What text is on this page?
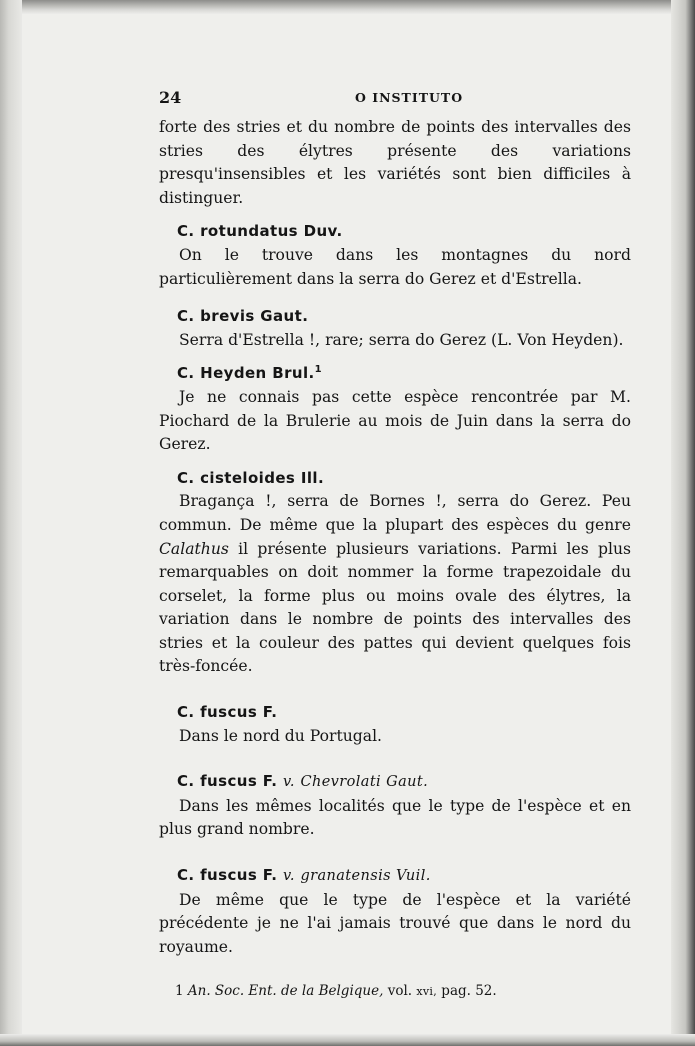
24	O INSTITUTO

forte des stries et du nombre de points des intervalles des stries des élytres présente des variations presqu'insensibles et les variétés sont bien difficiles à distinguer.

C. rotundatus Duv.

On le trouve dans les montagnes du nord particulièrement dans la serra do Gerez et d'Estrella.

C. brevis Gaut.

Serra d'Estrella !, rare; serra do Gerez (L. Von Heyden).

C. Heyden Brul.$^1$

Je ne connais pas cette espèce rencontrée par M. Piochard de la Brulerie au mois de Juin dans la serra do Gerez.

C. cisteloides Ill.

Bragança !, serra de Bornes !, serra do Gerez. Peu commun. De même que la plupart des espèces du genre Calathus il présente plusieurs variations. Parmi les plus remarquables on doit nommer la forme trapezoidale du corselet, la forme plus ou moins ovale des élytres, la variation dans le nombre de points des intervalles des stries et la couleur des pattes qui devient quelques fois très-foncée.

C. fuscus F.

Dans le nord du Portugal.

C. fuscus F. v. Chevrolati Gaut.

Dans les mêmes localités que le type de l'espèce et en plus grand nombre.

C. fuscus F. v. granatensis Vuil.

De même que le type de l'espèce et la variété précédente je ne l'ai jamais trouvé que dans le nord du royaume.

1 An. Soc. Ent. de la Belgique, vol. xvi, pag. 52.
